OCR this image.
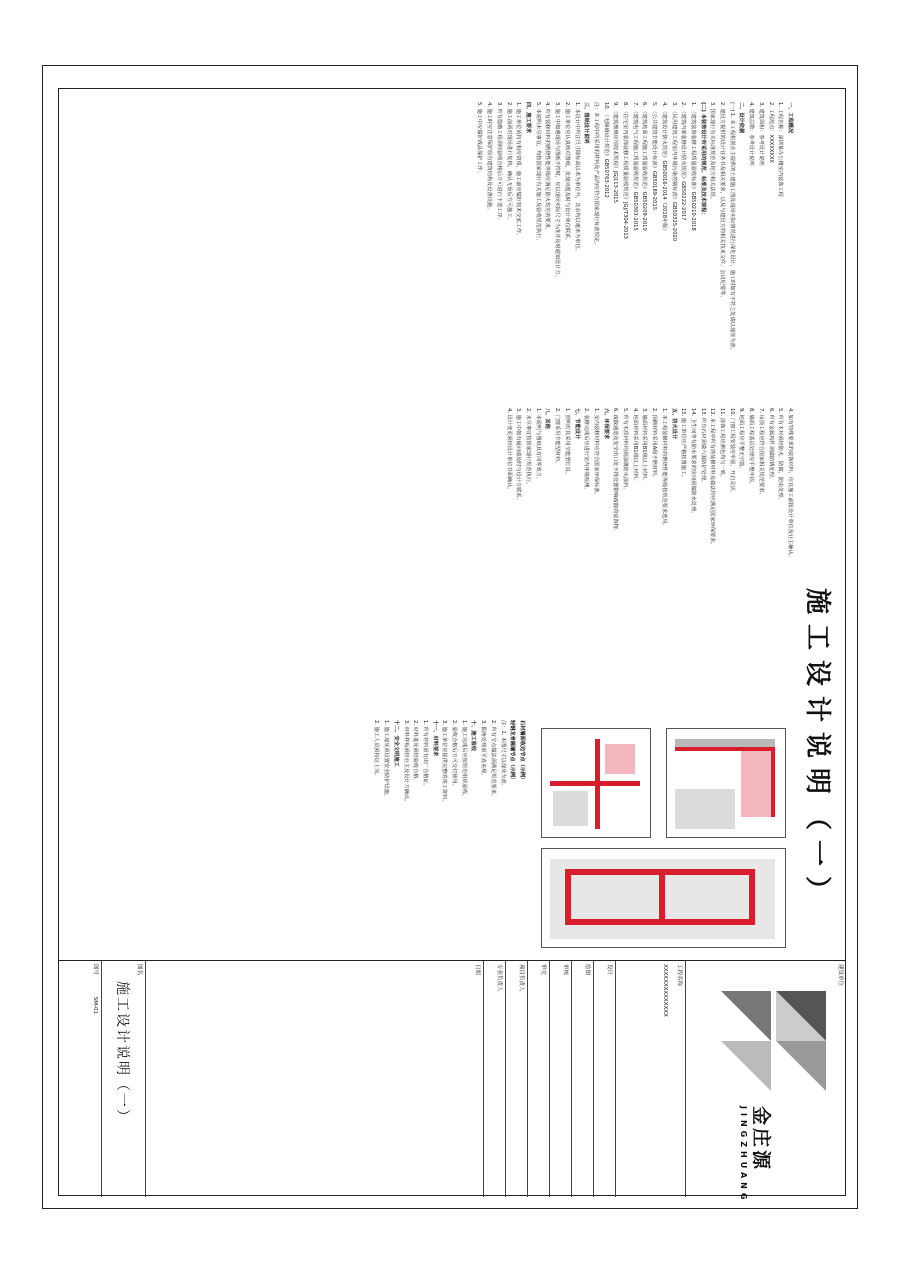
施工设计说明（一）

一、工程概况

1. 工程名称：深圳某办公楼室内装饰工程

2. 工程地点：XXXXXXXX

3. 建筑面积：参考设计说明

4. 建筑层数：参考设计说明

二、设计依据

(一) 1. 本工程根据业主提供的土建施工图及现场实际情况进行深化设计，施工时如有不符之处请以现场为准。

2. 建设方提供的设计任务书及相关要求，以及与建设方的相关技术文件、会议纪要等。

3. 国家现行有关标准规范及地方相关法规。

(二) 本装饰设计所采用的规范、标准及技术规程：

1. 《建筑装饰装修工程质量验收标准》GB50210-2018

2. 《建筑内部装修设计防火规范》GB50222-2017

3. 《民用建筑工程室内环境污染控制标准》GB50325-2020

4. 《建筑设计防火规范》GB50016-2014（2018年版）

5. 《公共建筑节能设计标准》GB50189-2015

6. 《建筑地面工程施工质量验收规范》GB50209-2010

7. 《建筑电气工程施工质量验收规范》GB50303-2015

8. 《住宅室内装饰装修工程质量验收规范》JGJ/T304-2013

9. 《建筑玻璃应用技术规程》JGJ113-2015

10. 《无障碍设计规范》GB50763-2012

注：本工程中所采用的材料及产品均应符合国家现行标准规定。

三、图纸设计说明

1. 本设计中所注尺寸除标高以米为单位外，其余均以毫米为单位。

2. 施工单位应认真核对图纸，发现问题及时与设计单位联系。

3. 施工中如遇现场与图纸不符时，应以现场实际尺寸为准并及时通知设计方。

4. 所有装修材料的燃烧性能等级应满足防火规范的要求。

5. 本说明未尽事宜，均按国家现行有关施工及验收规范执行。

四、施工要求

1. 施工单位须持有相应资质，施工前应做好技术交底工作。

2. 施工前须对现场进行复核，确认无误后方可施工。

3. 所有隐蔽工程须经验收合格后方可进行下道工序。

4. 施工时应注意保护原有建筑结构及设备设施。

5. 施工中应做好成品保护工作。

4. 如有特殊要求的装饰材料，应在施工前报设计单位及业主确认。

5. 所有木材须经防火、防腐、防虫处理。

6. 所有金属构件须做防锈处理。

7. 吊顶工程应符合国家相关规范要求。

8. 墙面工程基层处理应平整牢固。

9. 地面工程应平整无空鼓。

10. 门窗工程安装应牢固，开启灵活。

11. 涂饰工程应颜色均匀一致。

12. 本工程中所有的装修材料及做法均应满足国家环保要求。

13. 所有石材须做六面防护处理。

14. 卫生间等有防水要求的房间须做防水处理。

15. 施工单位应严格按图施工。

五、防火设计

1. 本工程装修材料的燃烧性能等级按规范要求选用。

2. 顶棚材料采用A级不燃材料。

3. 墙面材料采用B1级以上材料。

4. 地面材料采用B1级以上材料。

5. 所有木质材料均须涂刷防火涂料。

6. 疏散通道及安全出口处不得设置影响疏散的装饰物。

六、环保要求

1. 室内装修材料应符合国家环保标准。

2. 装修完成后应进行室内环境检测。

七、节能设计

1. 照明灯具采用节能型灯具。

2. 门窗采用节能型材料。

八、其他

1. 本说明与图纸具有同等效力。

2. 未尽事宜按国家现行规范执行。

3. 施工中如有疑问请及时与设计方联系。

4. 设计变更须经设计单位书面确认。

石材墙面收边节点（示例）

轻钢龙骨隔墙节点（示例）

注：1. 本图尺寸以现场为准。

2. 所有节点做法须满足规范要求。

3. 阳角处理须平直美观。

十、施工验收

1. 施工完成后应按规范组织验收。

2. 验收合格后方可交付使用。

3. 施工单位应提供完整的竣工资料。

十一、材料要求

1. 所有材料须有出厂合格证。

2. 材料进场须经验收合格。

3. 材料样板须经业主及设计方确认。

十二、安全文明施工

1. 施工现场须设置安全防护设施。

2. 施工人员须持证上岗。

建设单位
金庄源
JINGZHUANG
工程名称
XXXXXXXXXXXXXX
设计
绘图
审核
审定
项目负责人
专业负责人
日期
图名
施工设计说明（一）
图号 SM-01
